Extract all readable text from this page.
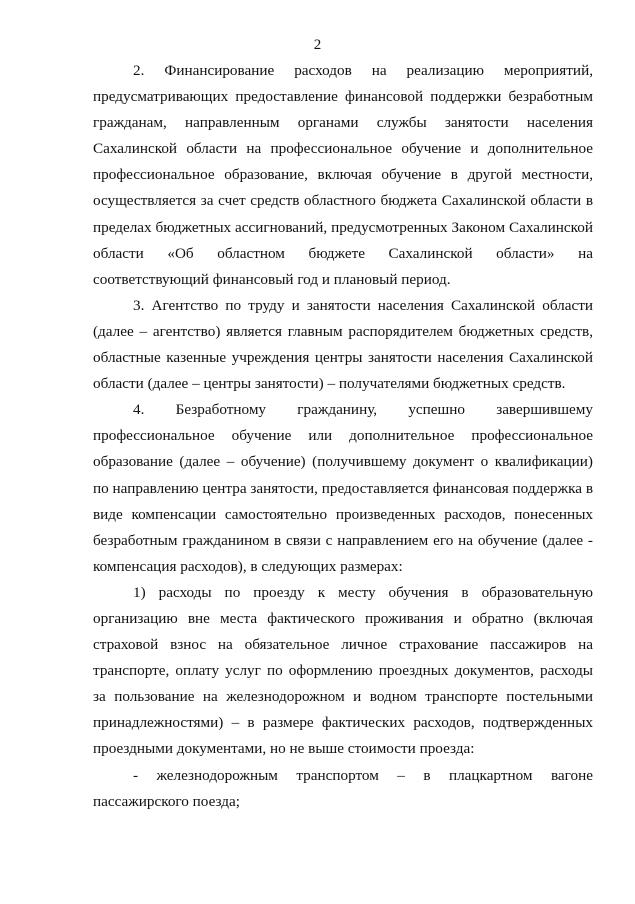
2

2. Финансирование расходов на реализацию мероприятий, предусматривающих предоставление финансовой поддержки безработным гражданам, направленным органами службы занятости населения Сахалинской области на профессиональное обучение и дополнительное профессиональное образование, включая обучение в другой местности, осуществляется за счет средств областного бюджета Сахалинской области в пределах бюджетных ассигнований, предусмотренных Законом Сахалинской области «Об областном бюджете Сахалинской области» на соответствующий финансовый год и плановый период.

3. Агентство по труду и занятости населения Сахалинской области (далее – агентство) является главным распорядителем бюджетных средств, областные казенные учреждения центры занятости населения Сахалинской области (далее – центры занятости) – получателями бюджетных средств.

4. Безработному гражданину, успешно завершившему профессиональное обучение или дополнительное профессиональное образование (далее – обучение) (получившему документ о квалификации) по направлению центра занятости, предоставляется финансовая поддержка в виде компенсации самостоятельно произведенных расходов, понесенных безработным гражданином в связи с направлением его на обучение (далее - компенсация расходов), в следующих размерах:

1) расходы по проезду к месту обучения в образовательную организацию вне места фактического проживания и обратно (включая страховой взнос на обязательное личное страхование пассажиров на транспорте, оплату услуг по оформлению проездных документов, расходы за пользование на железнодорожном и водном транспорте постельными принадлежностями) – в размере фактических расходов, подтвержденных проездными документами, но не выше стоимости проезда:

- железнодорожным транспортом – в плацкартном вагоне пассажирского поезда;
